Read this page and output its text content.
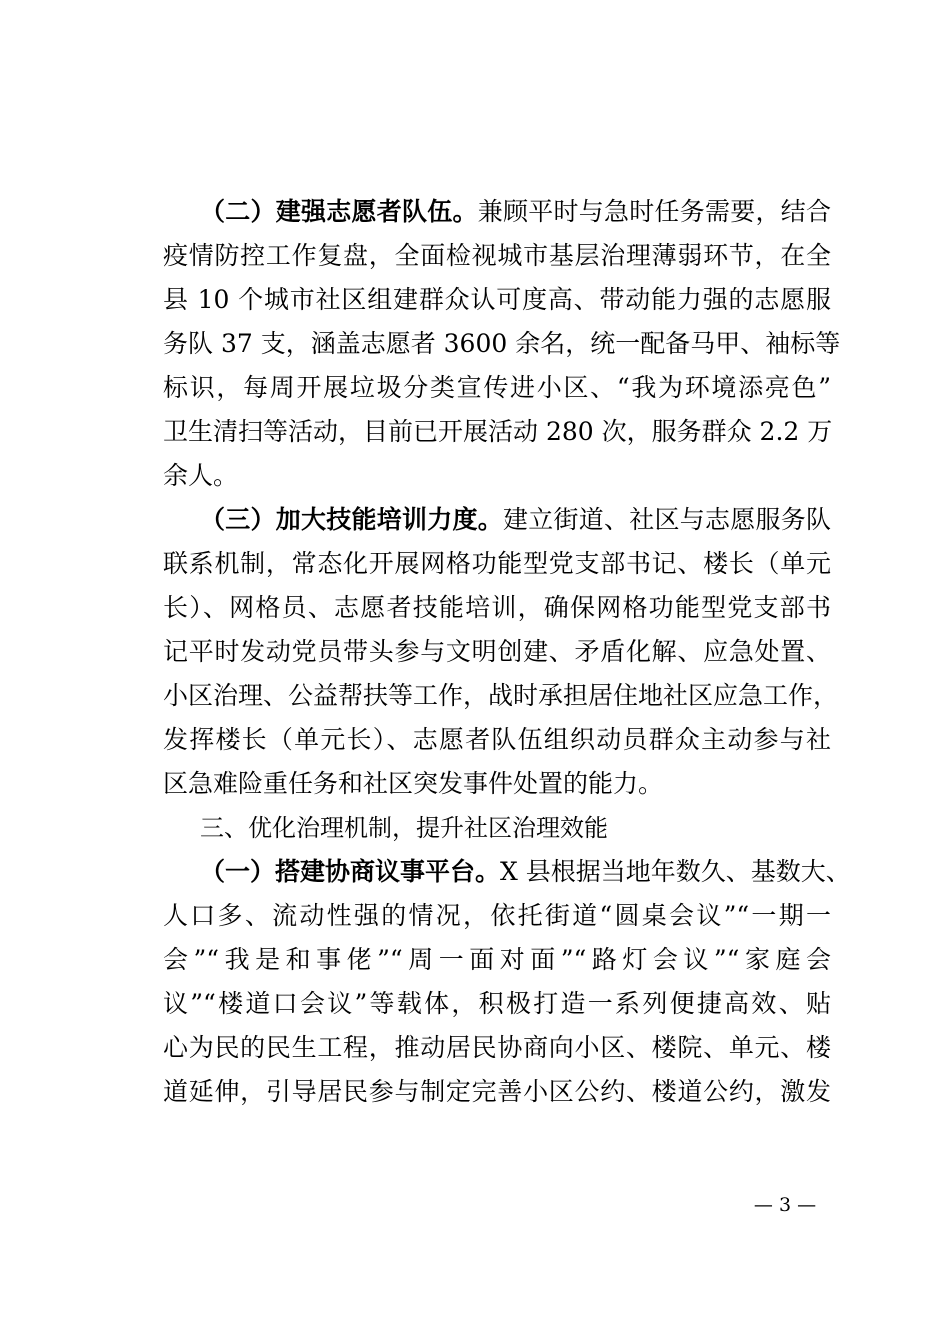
（二）建强志愿者队伍。兼顾平时与急时任务需要，结合
疫情防控工作复盘，全面检视城市基层治理薄弱环节，在全
县 10 个城市社区组建群众认可度高、带动能力强的志愿服
务队 37 支，涵盖志愿者 3600 余名，统一配备马甲、袖标等
标识，每周开展垃圾分类宣传进小区、“我为环境添亮色”
卫生清扫等活动，目前已开展活动 280 次，服务群众 2.2 万
余人。
（三）加大技能培训力度。建立街道、社区与志愿服务队
联系机制，常态化开展网格功能型党支部书记、楼长（单元
长）、网格员、志愿者技能培训，确保网格功能型党支部书
记平时发动党员带头参与文明创建、矛盾化解、应急处置、
小区治理、公益帮扶等工作，战时承担居住地社区应急工作，
发挥楼长（单元长）、志愿者队伍组织动员群众主动参与社
区急难险重任务和社区突发事件处置的能力。
三、优化治理机制，提升社区治理效能
（一）搭建协商议事平台。X 县根据当地年数久、基数大、
人口多、流动性强的情况，依托街道“圆桌会议”“一期一
会”“我是和事佬”“周一面对面”“路灯会议”“家庭会
议”“楼道口会议”等载体，积极打造一系列便捷高效、贴
心为民的民生工程，推动居民协商向小区、楼院、单元、楼
道延伸，引导居民参与制定完善小区公约、楼道公约，激发
— 3 —
